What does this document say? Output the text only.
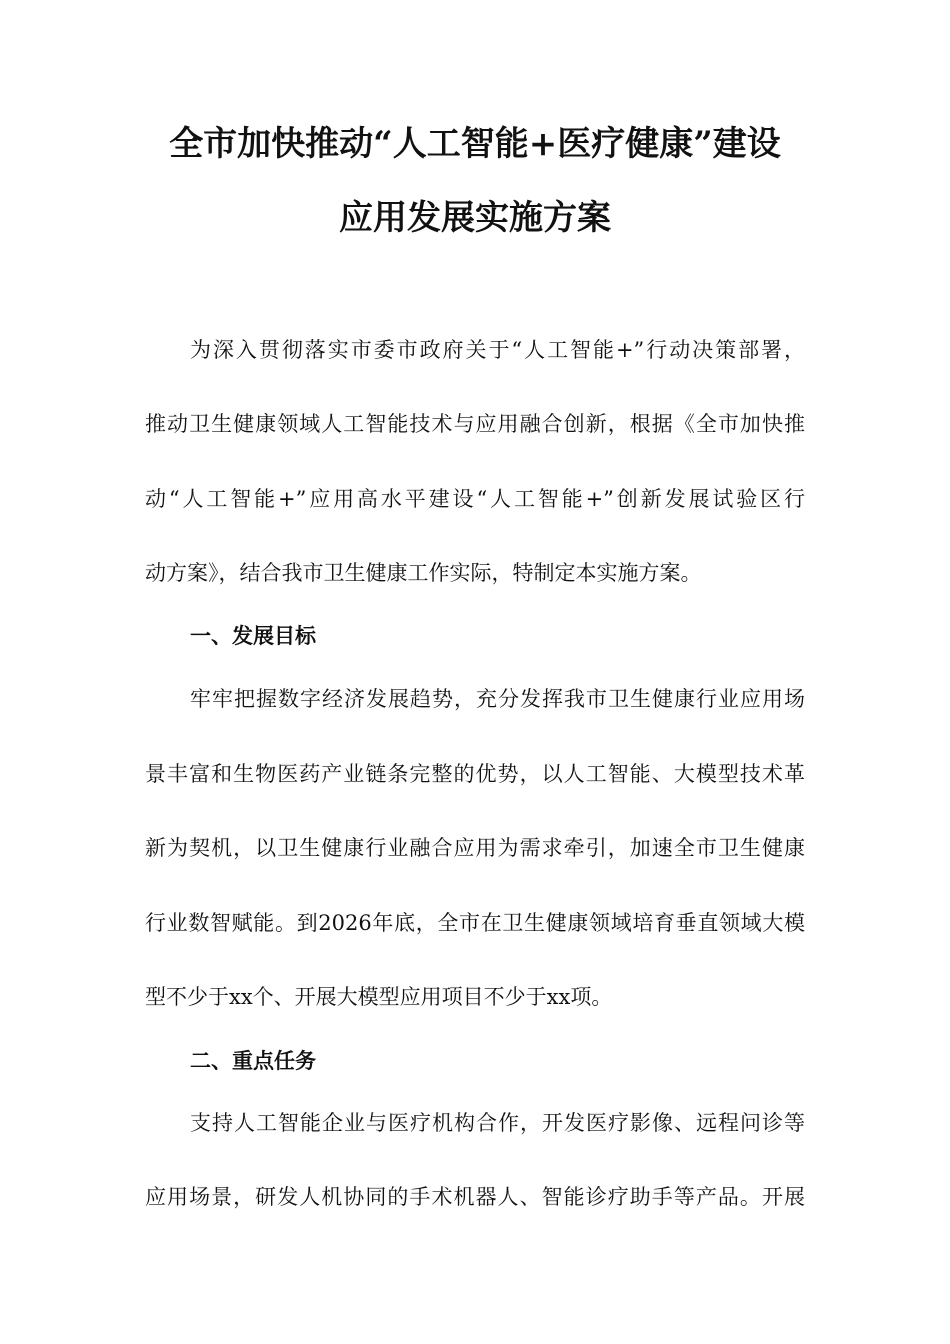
全市加快推动“人工智能+医疗健康”建设
应用发展实施方案

为深入贯彻落实市委市政府关于“人工智能+”行动决策部署，

推动卫生健康领域人工智能技术与应用融合创新，根据《全市加快推

动“人工智能+”应用高水平建设“人工智能+”创新发展试验区行

动方案》，结合我市卫生健康工作实际，特制定本实施方案。

一、发展目标

牢牢把握数字经济发展趋势，充分发挥我市卫生健康行业应用场

景丰富和生物医药产业链条完整的优势，以人工智能、大模型技术革

新为契机，以卫生健康行业融合应用为需求牵引，加速全市卫生健康

行业数智赋能。到2026年底，全市在卫生健康领域培育垂直领域大模

型不少于xx个、开展大模型应用项目不少于xx项。

二、重点任务

支持人工智能企业与医疗机构合作，开发医疗影像、远程问诊等

应用场景，研发人机协同的手术机器人、智能诊疗助手等产品。开展
